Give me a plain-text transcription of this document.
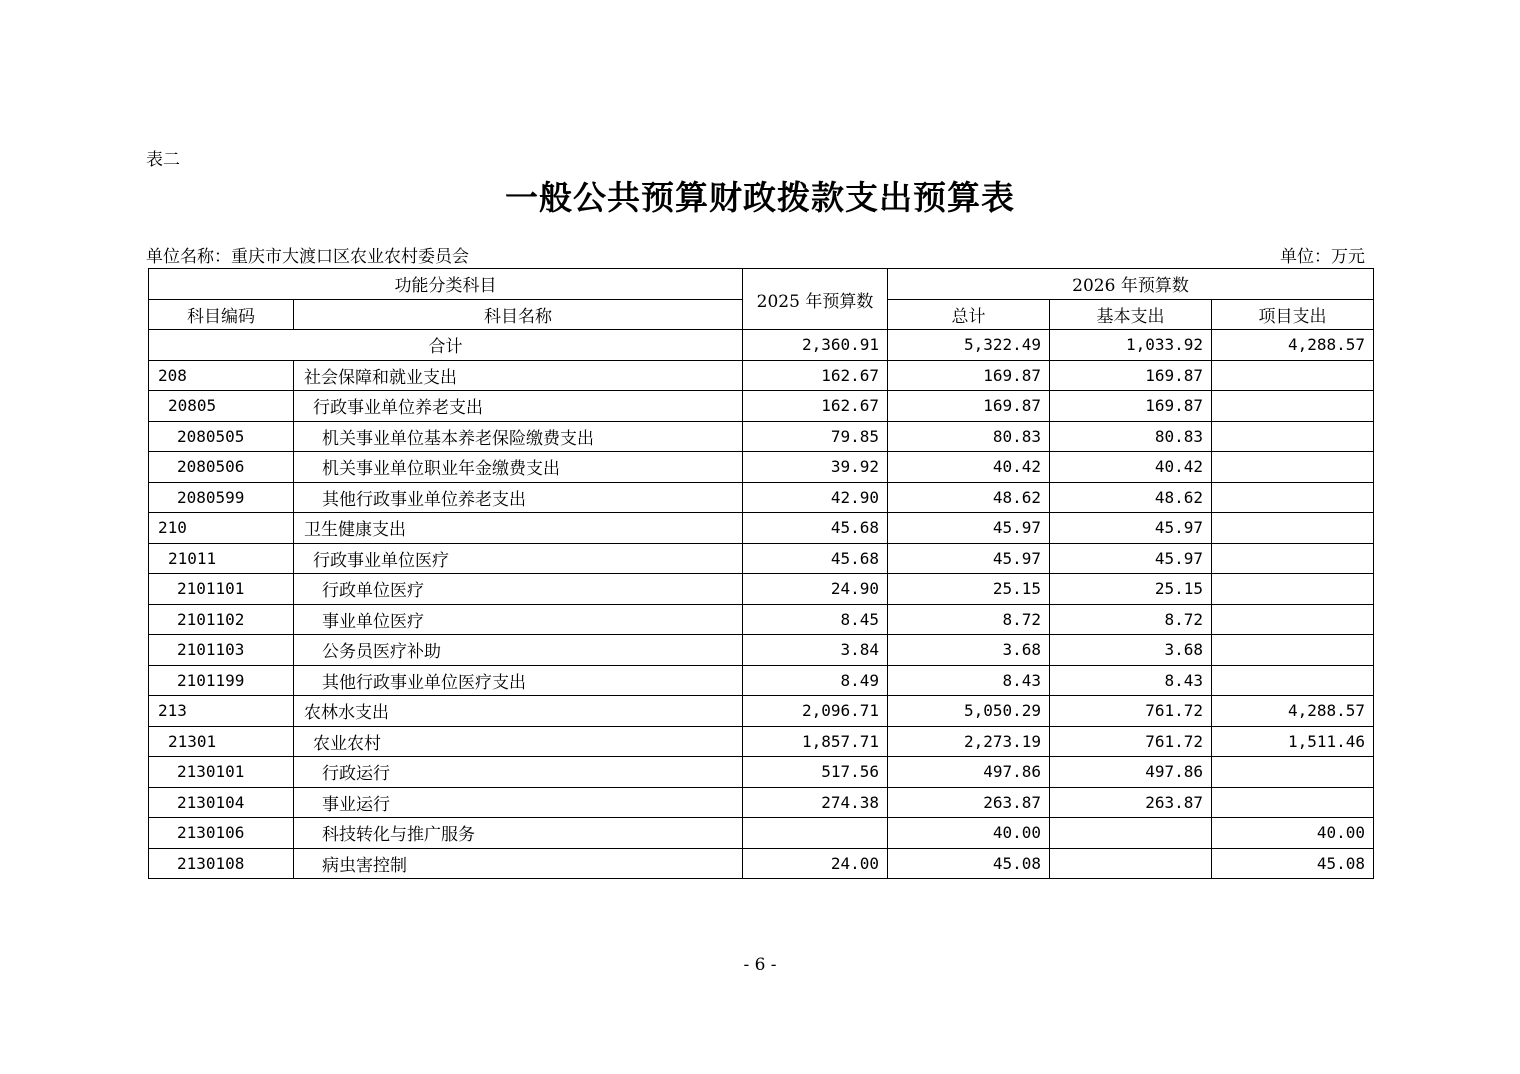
表二
一般公共预算财政拨款支出预算表
单位名称：重庆市大渡口区农业农村委员会	单位：万元
功能分类科目		2025 年预算数	2026 年预算数		
科目编码	科目名称		总计	基本支出	项目支出
合计		2,360.91	5,322.49	1,033.92	4,288.57
208	社会保障和就业支出	162.67	169.87	169.87	
20805	行政事业单位养老支出	162.67	169.87	169.87	
2080505	机关事业单位基本养老保险缴费支出	79.85	80.83	80.83	
2080506	机关事业单位职业年金缴费支出	39.92	40.42	40.42	
2080599	其他行政事业单位养老支出	42.90	48.62	48.62	
210	卫生健康支出	45.68	45.97	45.97	
21011	行政事业单位医疗	45.68	45.97	45.97	
2101101	行政单位医疗	24.90	25.15	25.15	
2101102	事业单位医疗	8.45	8.72	8.72	
2101103	公务员医疗补助	3.84	3.68	3.68	
2101199	其他行政事业单位医疗支出	8.49	8.43	8.43	
213	农林水支出	2,096.71	5,050.29	761.72	4,288.57
21301	农业农村	1,857.71	2,273.19	761.72	1,511.46
2130101	行政运行	517.56	497.86	497.86	
2130104	事业运行	274.38	263.87	263.87	
2130106	科技转化与推广服务		40.00		40.00
2130108	病虫害控制	24.00	45.08		45.08
- 6 -
